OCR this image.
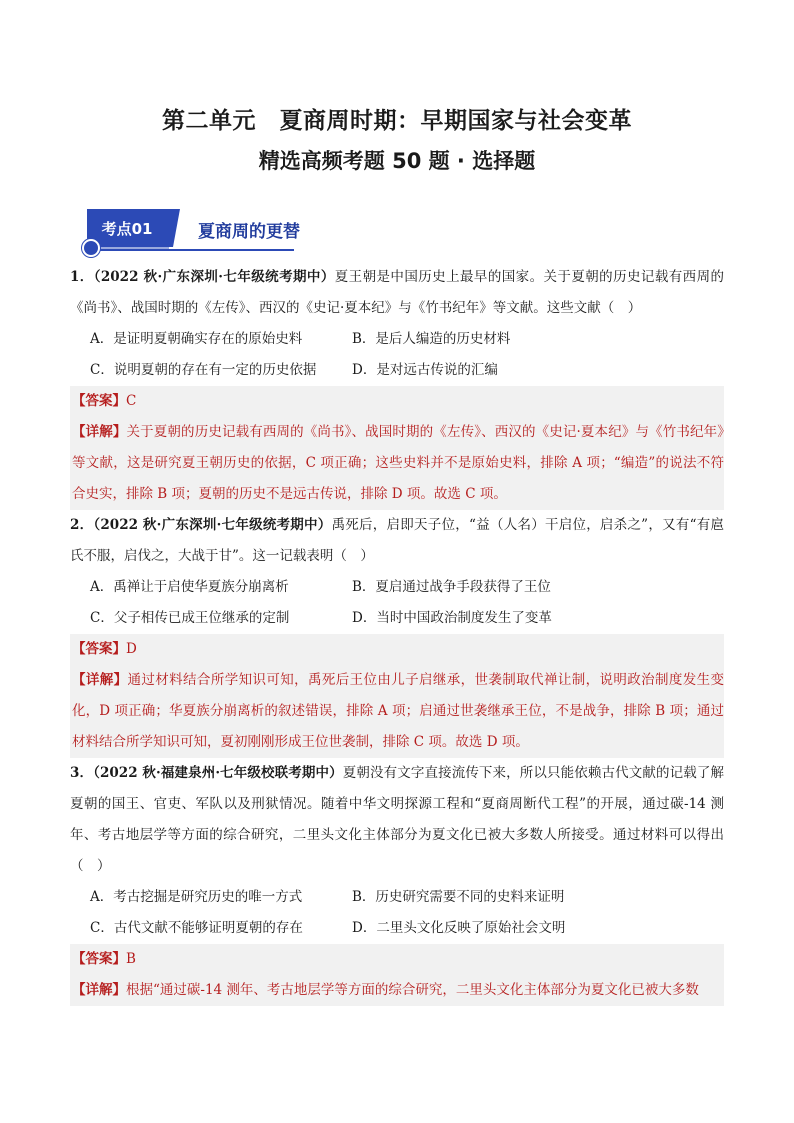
第二单元　夏商周时期：早期国家与社会变革
精选高频考题 50 题 · 选择题
考点01	夏商周的更替

1．（2022 秋·广东深圳·七年级统考期中）夏王朝是中国历史上最早的国家。关于夏朝的历史记载有西周的《尚书》、战国时期的《左传》、西汉的《史记·夏本纪》与《竹书纪年》等文献。这些文献（　）

A．是证明夏朝确实存在的原始史料	B．是后人编造的历史材料
C．说明夏朝的存在有一定的历史依据	D．是对远古传说的汇编
【答案】C
【详解】关于夏朝的历史记载有西周的《尚书》、战国时期的《左传》、西汉的《史记·夏本纪》与《竹书纪年》等文献，这是研究夏王朝历史的依据，C 项正确；这些史料并不是原始史料，排除 A 项；“编造”的说法不符合史实，排除 B 项；夏朝的历史不是远古传说，排除 D 项。故选 C 项。

2．（2022 秋·广东深圳·七年级统考期中）禹死后，启即天子位，“益（人名）干启位，启杀之”，又有“有扈氏不服，启伐之，大战于甘”。这一记载表明（　）

A．禹禅让于启使华夏族分崩离析	B．夏启通过战争手段获得了王位
C．父子相传已成王位继承的定制	D．当时中国政治制度发生了变革
【答案】D
【详解】通过材料结合所学知识可知，禹死后王位由儿子启继承，世袭制取代禅让制，说明政治制度发生变化，D 项正确；华夏族分崩离析的叙述错误，排除 A 项；启通过世袭继承王位，不是战争，排除 B 项；通过材料结合所学知识可知，夏初刚刚形成王位世袭制，排除 C 项。故选 D 项。

3．（2022 秋·福建泉州·七年级校联考期中）夏朝没有文字直接流传下来，所以只能依赖古代文献的记载了解夏朝的国王、官吏、军队以及刑狱情况。随着中华文明探源工程和“夏商周断代工程”的开展，通过碳-14 测年、考古地层学等方面的综合研究，二里头文化主体部分为夏文化已被大多数人所接受。通过材料可以得出（　）

A．考古挖掘是研究历史的唯一方式	B．历史研究需要不同的史料来证明
C．古代文献不能够证明夏朝的存在	D．二里头文化反映了原始社会文明
【答案】B
【详解】根据“通过碳-14 测年、考古地层学等方面的综合研究，二里头文化主体部分为夏文化已被大多数
